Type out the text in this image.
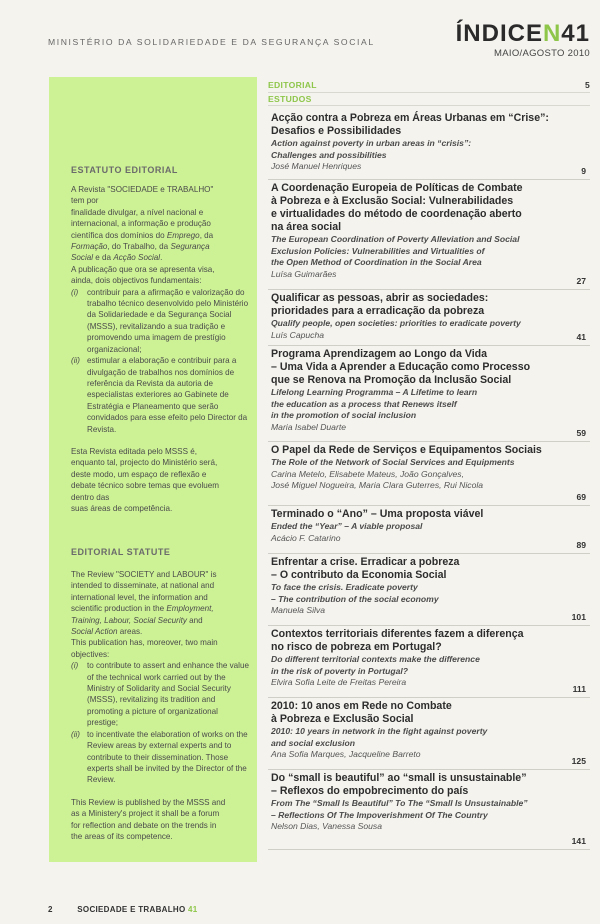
MINISTÉRIO DA SOLIDARIEDADE E DA SEGURANÇA SOCIAL	ÍNDICEN41
MAIO/AGOSTO 2010
ESTATUTO EDITORIAL

A Revista "SOCIEDADE e TRABALHO"

tem por

finalidade divulgar, a nível nacional e

internacional, a informação e produção

científica dos domínios do Emprego, da

Formação, do Trabalho, da Segurança

Social e da Acção Social.

A publicação que ora se apresenta visa,

ainda, dois objectivos fundamentais:

(i)	contribuir para a afirmação e valorização do trabalho técnico desenvolvido pelo Ministério da Solidariedade e da Segurança Social (MSSS), revitalizando a sua tradição e promovendo uma imagem de prestígio organizacional;
(ii) estimular a elaboração e contribuir para a divulgação de trabalhos nos domínios de referência da Revista da autoria de especialistas exteriores ao Gabinete de Estratégia e Planeamento que serão convidados para esse efeito pelo Director da Revista.

Esta Revista editada pelo MSSS é,

enquanto tal, projecto do Ministério será,

deste modo, um espaço de reflexão e

debate técnico sobre temas que evoluem

dentro das

suas áreas de competência.

EDITORIAL STATUTE

The Review "SOCIETY and LABOUR" is

intended to disseminate, at national and

international level, the information and

scientific production in the Employment,

Training, Labour, Social Security and

Social Action areas.

This publication has, moreover, two main

objectives:

(i)	to contribute to assert and enhance the value of the technical work carried out by the Ministry of Solidarity and Social Security (MSSS), revitalizing its tradition and promoting a picture of organizational prestige;
(ii) to incentivate the elaboration of works on the Review areas by external experts and to contribute to their dissemination. Those experts shall be invited by the Director of the Review.

This Review is published by the MSSS and

as a Ministery's project it shall be a forum

for reflection and debate on the trends in

the areas of its competence.

EDITORIAL	5
ESTUDOS
Acção contra a Pobreza em Áreas Urbanas em “Crise”:
Desafios e Possibilidades
Action against poverty in urban areas in “crisis”:
Challenges and possibilities
José Manuel Henriques	9
A Coordenação Europeia de Políticas de Combate
à Pobreza e à Exclusão Social: Vulnerabilidades
e virtualidades do método de coordenação aberto
na área social
The European Coordination of Poverty Alleviation and Social
Exclusion Policies: Vulnerabilities and Virtualities of
the Open Method of Coordination in the Social Area
Luísa Guimarães
27
Qualificar as pessoas, abrir as sociedades:
prioridades para a erradicação da pobreza
Qualify people, open societies: priorities to eradicate poverty
Luís Capucha	41
Programa Aprendizagem ao Longo da Vida
– Uma Vida a Aprender a Educação como Processo
que se Renova na Promoção da Inclusão Social
Lifelong Learning Programma – A Lifetime to learn
the education as a process that Renews itself
in the promotion of social inclusion
Maria Isabel Duarte
59
O Papel da Rede de Serviços e Equipamentos Sociais
The Role of the Network of Social Services and Equipments
Carina Metelo, Elisabete Mateus, João Gonçalves,
José Miguel Nogueira, Maria Clara Guterres, Rui Nicola
69
Terminado o “Ano” – Uma proposta viável
Ended the “Year” – A viable proposal
Acácio F. Catarino
89
Enfrentar a crise. Erradicar a pobreza
– O contributo da Economia Social
To face the crisis. Eradicate poverty
– The contribution of the social economy
Manuela Silva
101
Contextos territoriais diferentes fazem a diferença
no risco de pobreza em Portugal?
Do different territorial contexts make the difference
in the risk of poverty in Portugal?
Elvira Sofia Leite de Freitas Pereira
111
2010: 10 anos em Rede no Combate
à Pobreza e Exclusão Social
2010: 10 years in network in the fight against poverty
and social exclusion
Ana Sofia Marques, Jacqueline Barreto
125
Do “small is beautiful” ao “small is unsustainable”
– Reflexos do empobrecimento do país
From The “Small Is Beautiful” To The “Small Is Unsustainable”
– Reflections Of The Impoverishment Of The Country
Nelson Dias, Vanessa Sousa
141
2	SOCIEDADE E TRABALHO 41
